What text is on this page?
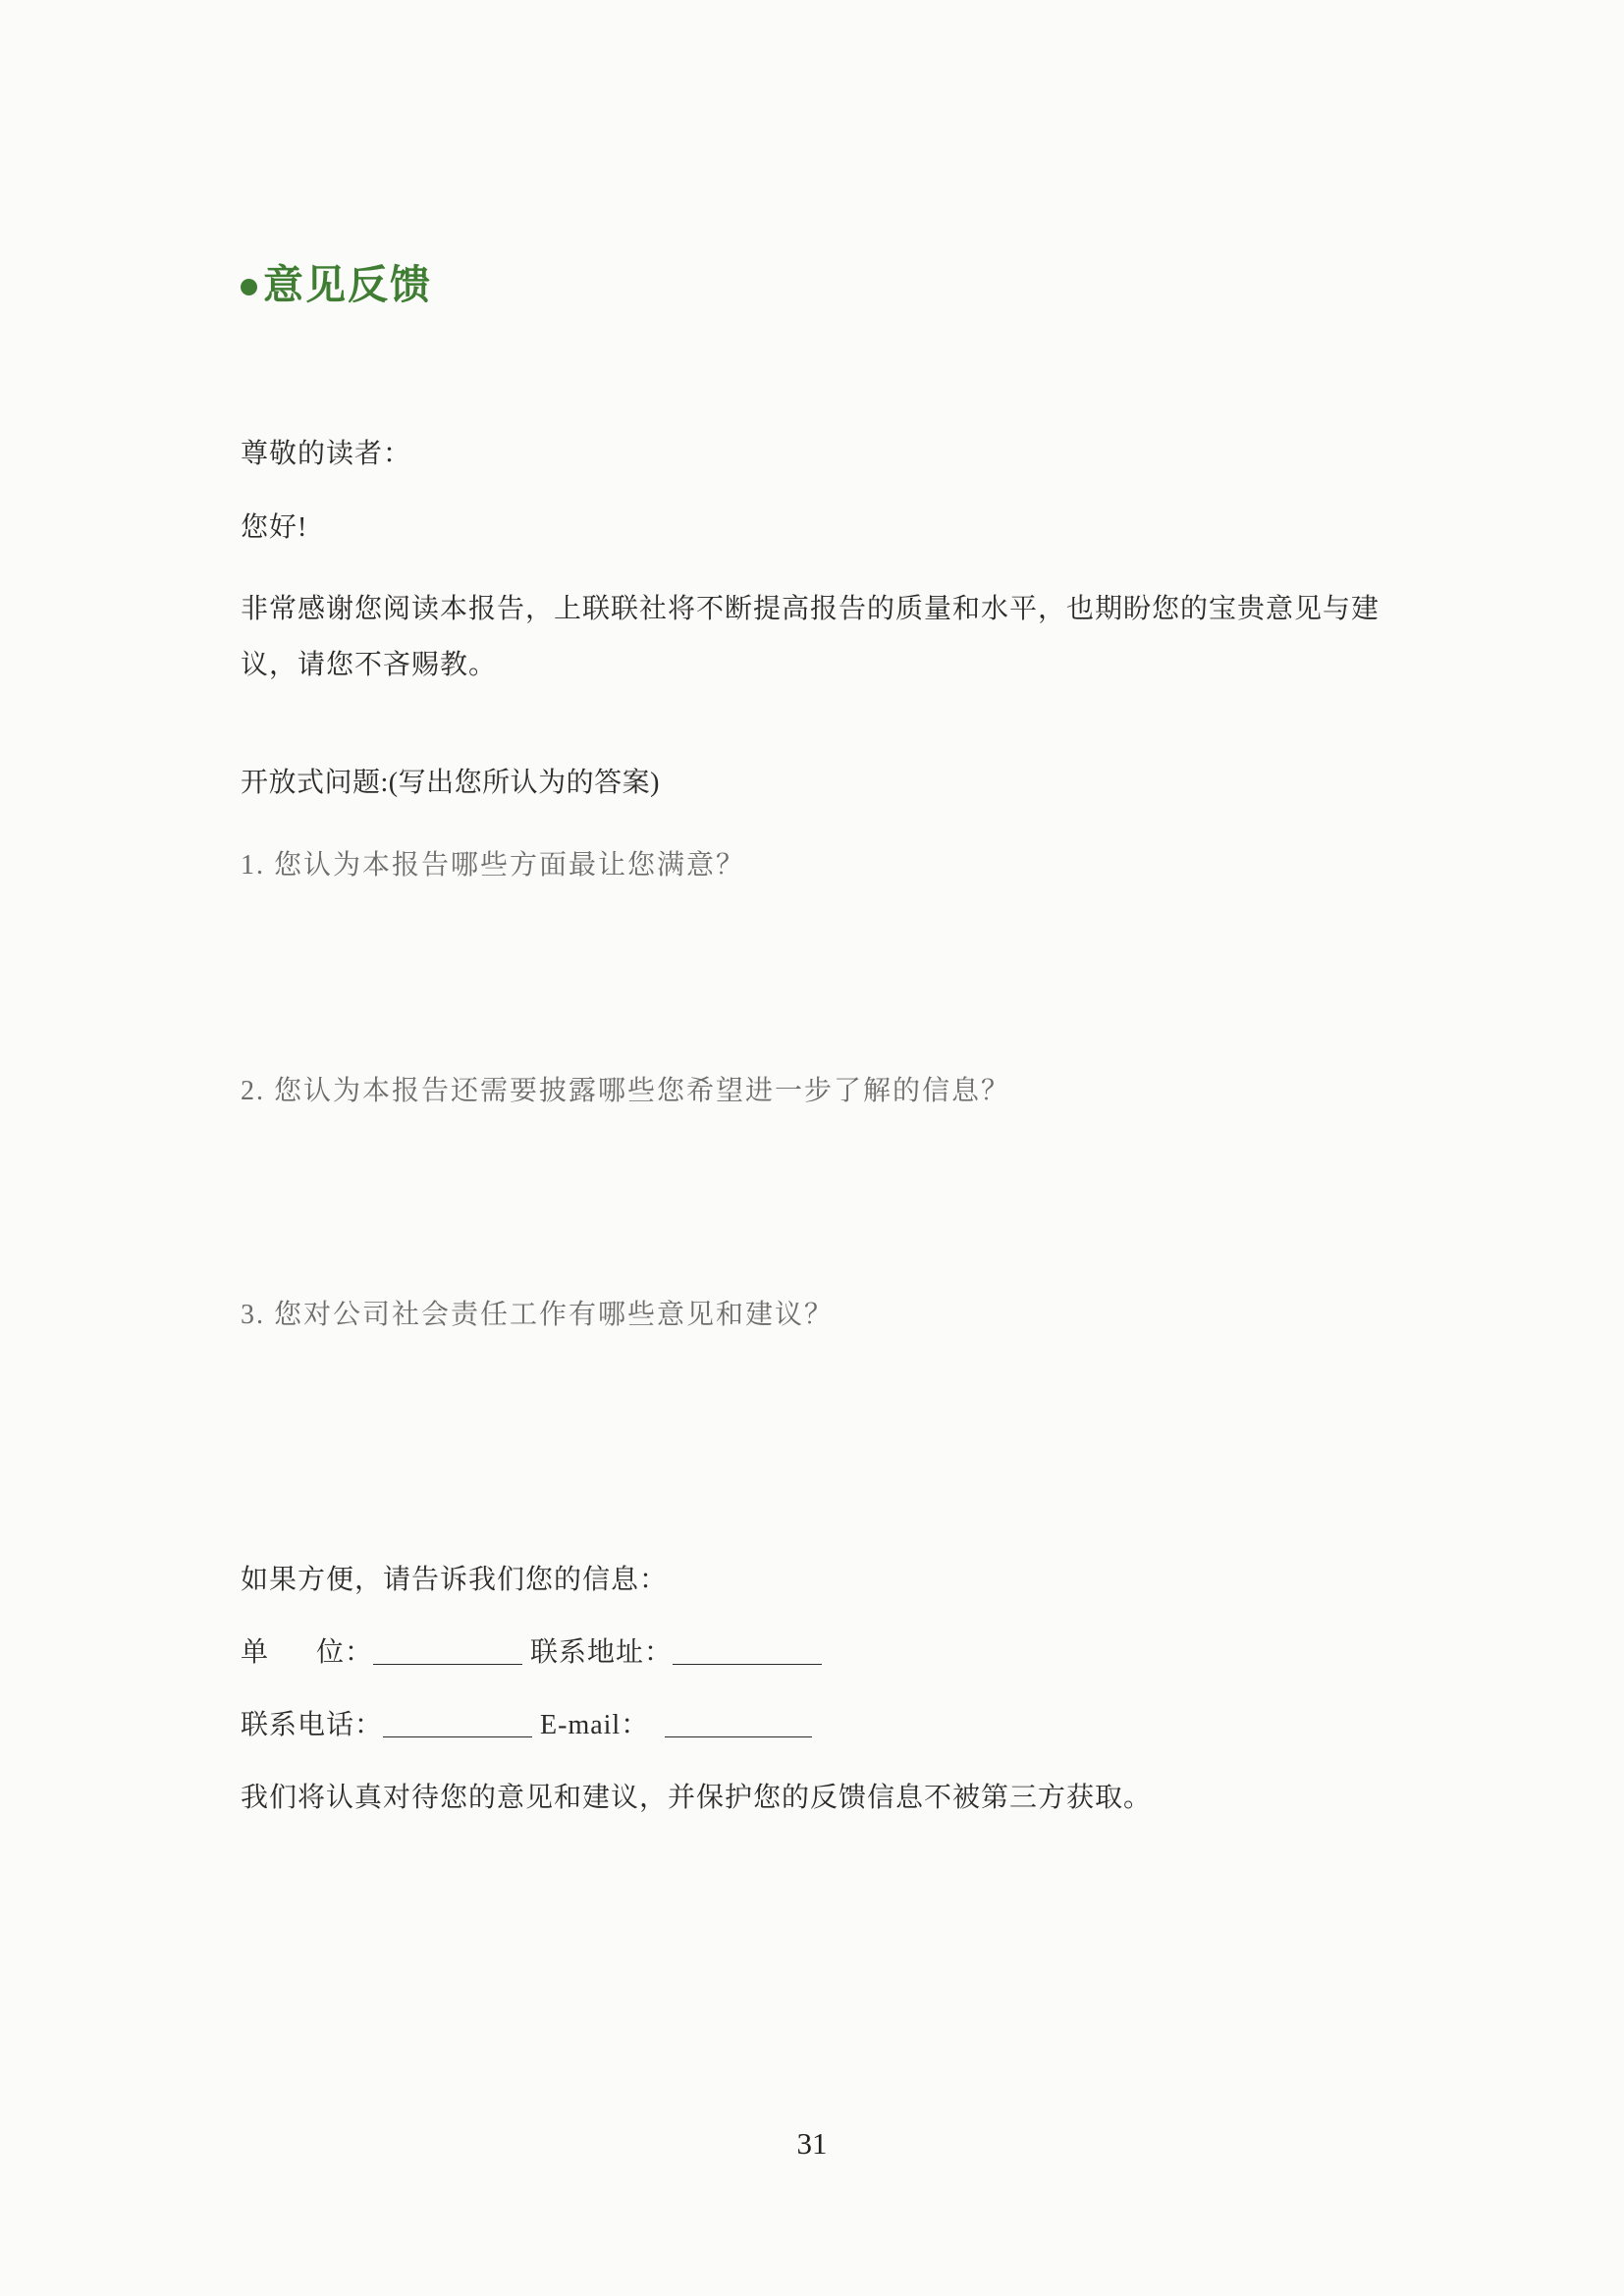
意见反馈
尊敬的读者：
您好!
非常感谢您阅读本报告，上联联社将不断提高报告的质量和水平，也期盼您的宝贵意见与建议，请您不吝赐教。
开放式问题:(写出您所认为的答案)
1. 您认为本报告哪些方面最让您满意？
2. 您认为本报告还需要披露哪些您希望进一步了解的信息？
3. 您对公司社会责任工作有哪些意见和建议？
如果方便，请告诉我们您的信息：
单      位：	联系地址：
联系电话：	E-mail：
我们将认真对待您的意见和建议，并保护您的反馈信息不被第三方获取。
31
